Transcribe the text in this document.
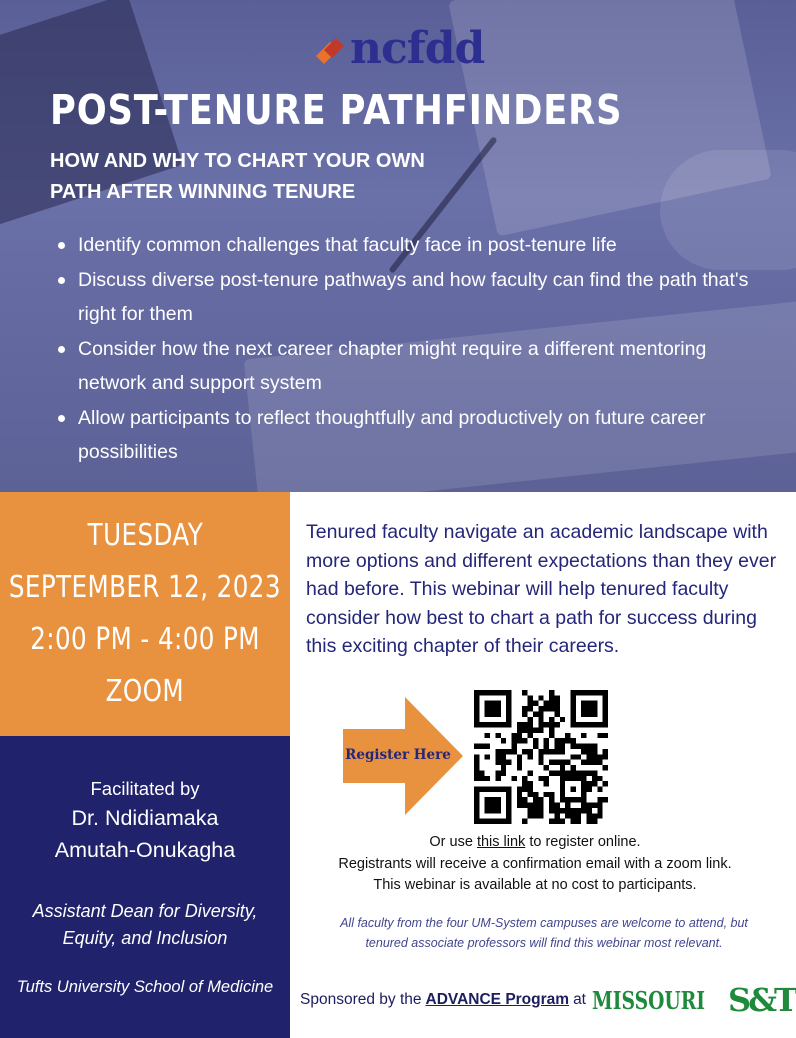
ncfdd
POST-TENURE PATHFINDERS
HOW AND WHY TO CHART YOUR OWN
PATH AFTER WINNING TENURE
Identify common challenges that faculty face in post-tenure life
Discuss diverse post-tenure pathways and how faculty can find the path that's right for them
Consider how the next career chapter might require a different mentoring network and support system
Allow participants to reflect thoughtfully and productively on future career possibilities
TUESDAY
SEPTEMBER 12, 2023
2:00 PM - 4:00 PM
ZOOM
Facilitated by
Dr. Ndidiamaka
Amutah-Onukagha
Assistant Dean for Diversity,
Equity, and Inclusion
Tufts University School of Medicine
Tenured faculty navigate an academic landscape with more options and different expectations than they ever had before. This webinar will help tenured faculty consider how best to chart a path for success during this exciting chapter of their careers.
Register Here
Or use this link to register online.
Registrants will receive a confirmation email with a zoom link.
This webinar is available at no cost to participants.
All faculty from the four UM-System campuses are welcome to attend, but
tenured associate professors will find this webinar most relevant.
Sponsored by the ADVANCE Program at MISSOURI S&T
